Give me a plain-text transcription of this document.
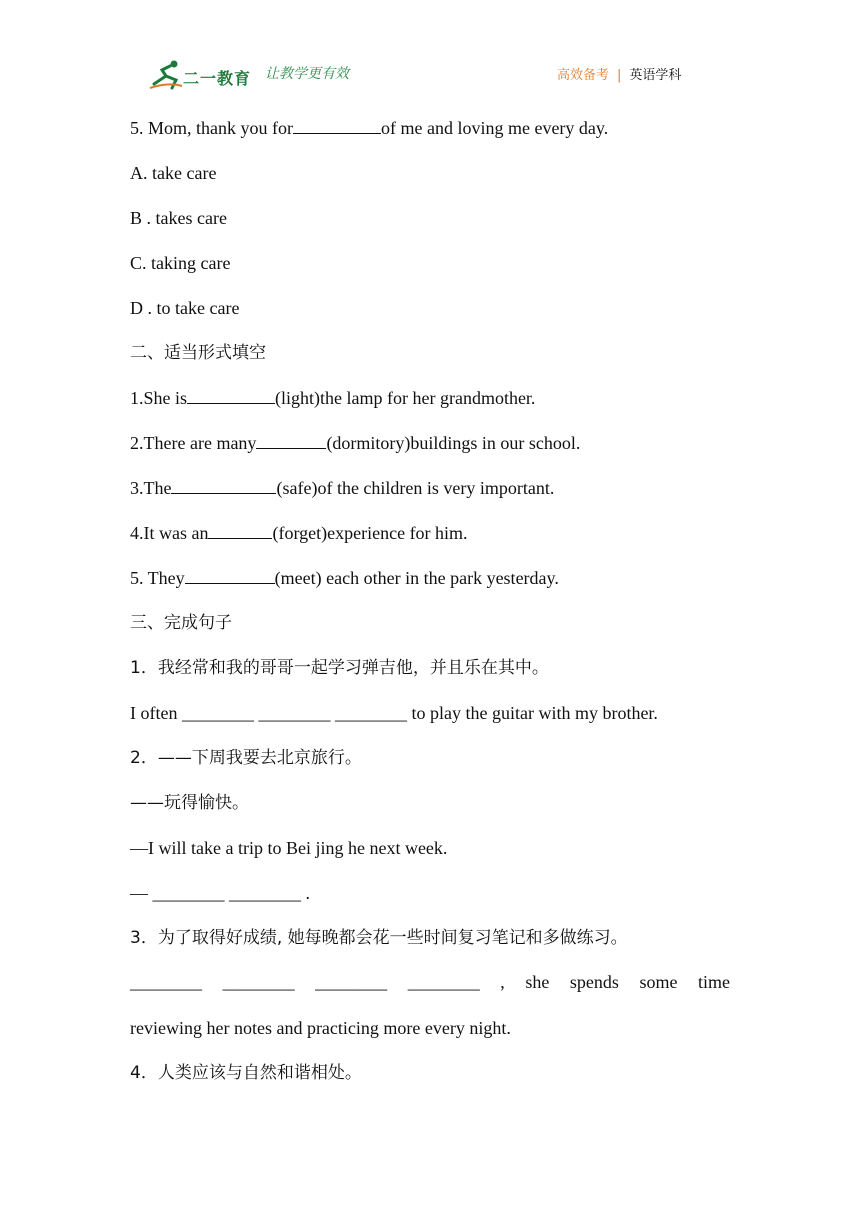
二一教育 让教学更有效	高效备考 | 英语学科
5. Mom, thank you for	of me and loving me every day.
A. take care
B . takes care
C. taking care
D . to take care
二、适当形式填空
1.She is	(light)the lamp for her grandmother.
2.There are many	(dormitory)buildings in our school.
3.The	(safe)of the children is very important.
4.It was an	(forget)experience for him.
5. They	(meet) each other in the park yesterday.
三、完成句子
1．我经常和我的哥哥一起学习弹吉他，并且乐在其中。
I often ________ ________ ________ to play the guitar with my brother.
2．——下周我要去北京旅行。
——玩得愉快。
—I will take a trip to Bei jing he next week.
— ________ ________ .
3．为了取得好成绩, 她每晚都会花一些时间复习笔记和多做练习。
________ ________ ________ ________ , she spends some time
reviewing her notes and practicing more every night.
4．人类应该与自然和谐相处。
